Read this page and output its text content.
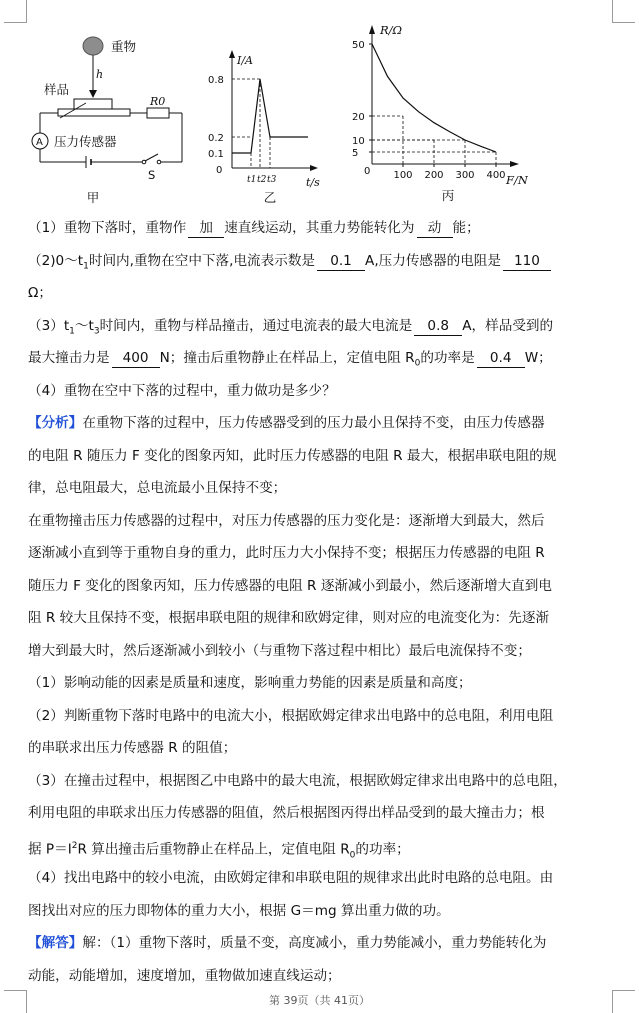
重物
h
样品
R0
A 压力传感器
S
甲
I/A
t/s
0.8
0.2
0.1
0
t1 t2 t3
乙
R/Ω
F/N
50
20
10
5
0 100 200 300 400
丙
（1）重物下落时，重物作 加 速直线运动，其重力势能转化为 动 能；
$(2)0\sim t_1$时间内,重物在空中下落,电流表示数是 0.1 A,压力传感器的电阻是 110
Ω；
$(3)t_1\sim t_3$时间内，重物与样品撞击，通过电流表的最大电流是 0.8 A，样品受到的
最大撞击力是 400 N；撞击后重物静止在样品上，定值电阻 $R_0$的功率是 0.4 W；
（4）重物在空中下落的过程中，重力做功是多少？
【分析】在重物下落的过程中，压力传感器受到的压力最小且保持不变，由压力传感器
的电阻 R 随压力 F 变化的图象丙知，此时压力传感器的电阻 R 最大，根据串联电阻的规
律，总电阻最大，总电流最小且保持不变；
在重物撞击压力传感器的过程中，对压力传感器的压力变化是：逐渐增大到最大，然后
逐渐减小直到等于重物自身的重力，此时压力大小保持不变；根据压力传感器的电阻 R
随压力 F 变化的图象丙知，压力传感器的电阻 R 逐渐减小到最小，然后逐渐增大直到电
阻 R 较大且保持不变，根据串联电阻的规律和欧姆定律，则对应的电流变化为：先逐渐
增大到最大时，然后逐渐减小到较小（与重物下落过程中相比）最后电流保持不变；
（1）影响动能的因素是质量和速度，影响重力势能的因素是质量和高度；
（2）判断重物下落时电路中的电流大小，根据欧姆定律求出电路中的总电阻，利用电阻
的串联求出压力传感器 R 的阻值；
（3）在撞击过程中，根据图乙中电路中的最大电流，根据欧姆定律求出电路中的总电阻，
利用电阻的串联求出压力传感器的阻值，然后根据图丙得出样品受到的最大撞击力；根
据 $P=I^2R$ 算出撞击后重物静止在样品上，定值电阻 $R_0$的功率；
（4）找出电路中的较小电流，由欧姆定律和串联电阻的规律求出此时电路的总电阻。由
图找出对应的压力即物体的重力大小，根据 G＝mg 算出重力做的功。
【解答】解：（1）重物下落时，质量不变，高度减小，重力势能减小，重力势能转化为
动能，动能增加，速度增加，重物做加速直线运动；
第 39页（共 41页）
